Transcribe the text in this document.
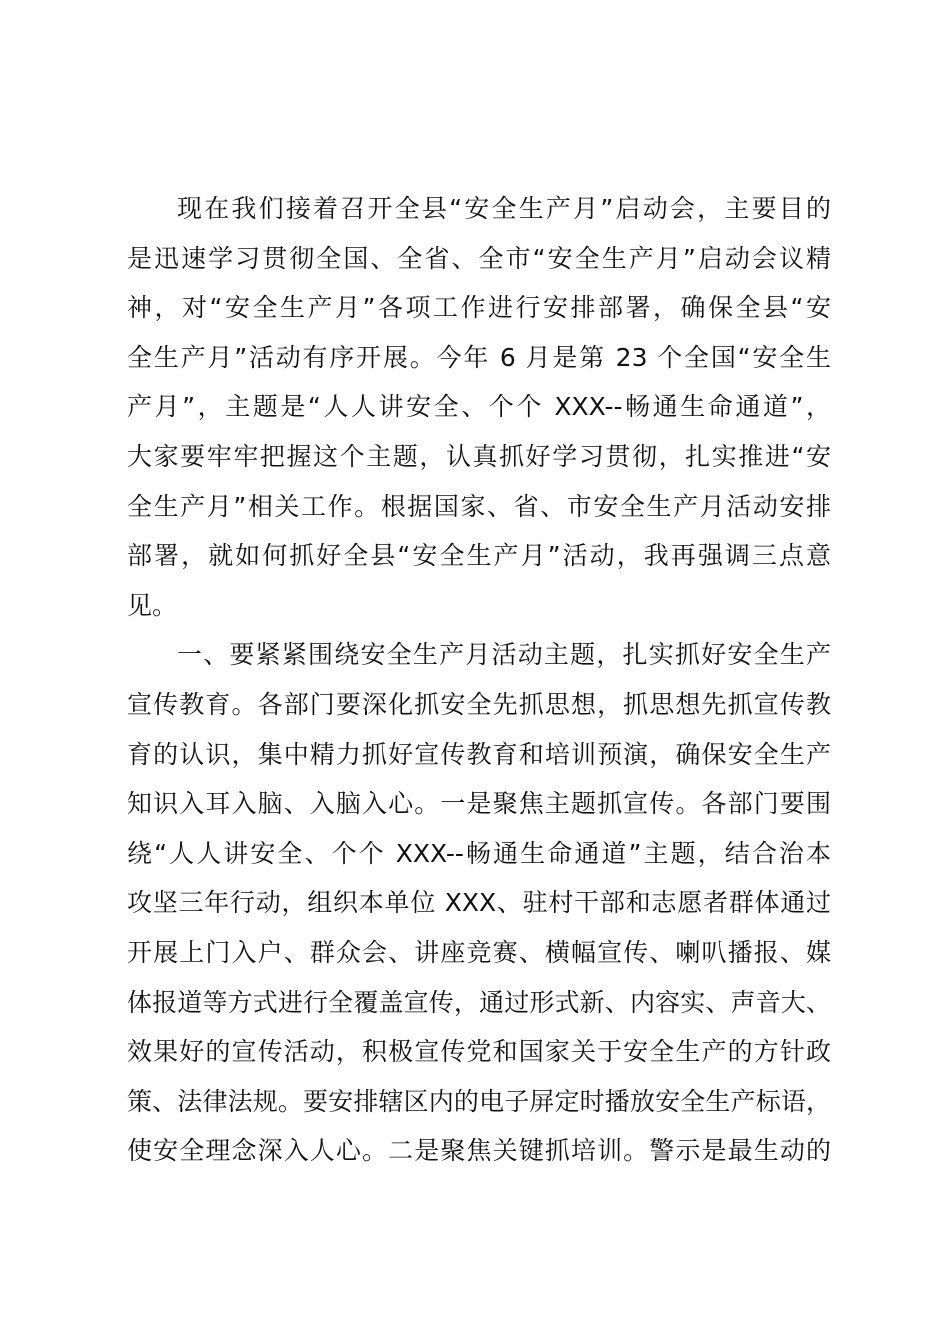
现在我们接着召开全县“安全生产月”启动会，主要目的
是迅速学习贯彻全国、全省、全市“安全生产月”启动会议精
神，对“安全生产月”各项工作进行安排部署，确保全县“安
全生产月”活动有序开展。今年 6 月是第 23 个全国“安全生
产月”，主题是“人人讲安全、个个 XXX--畅通生命通道”，
大家要牢牢把握这个主题，认真抓好学习贯彻，扎实推进“安
全生产月”相关工作。根据国家、省、市安全生产月活动安排
部署，就如何抓好全县“安全生产月”活动，我再强调三点意
见。
一、要紧紧围绕安全生产月活动主题，扎实抓好安全生产
宣传教育。各部门要深化抓安全先抓思想，抓思想先抓宣传教
育的认识，集中精力抓好宣传教育和培训预演，确保安全生产
知识入耳入脑、入脑入心。一是聚焦主题抓宣传。各部门要围
绕“人人讲安全、个个 XXX--畅通生命通道”主题，结合治本
攻坚三年行动，组织本单位 XXX、驻村干部和志愿者群体通过
开展上门入户、群众会、讲座竞赛、横幅宣传、喇叭播报、媒
体报道等方式进行全覆盖宣传，通过形式新、内容实、声音大、
效果好的宣传活动，积极宣传党和国家关于安全生产的方针政
策、法律法规。要安排辖区内的电子屏定时播放安全生产标语，
使安全理念深入人心。二是聚焦关键抓培训。警示是最生动的
